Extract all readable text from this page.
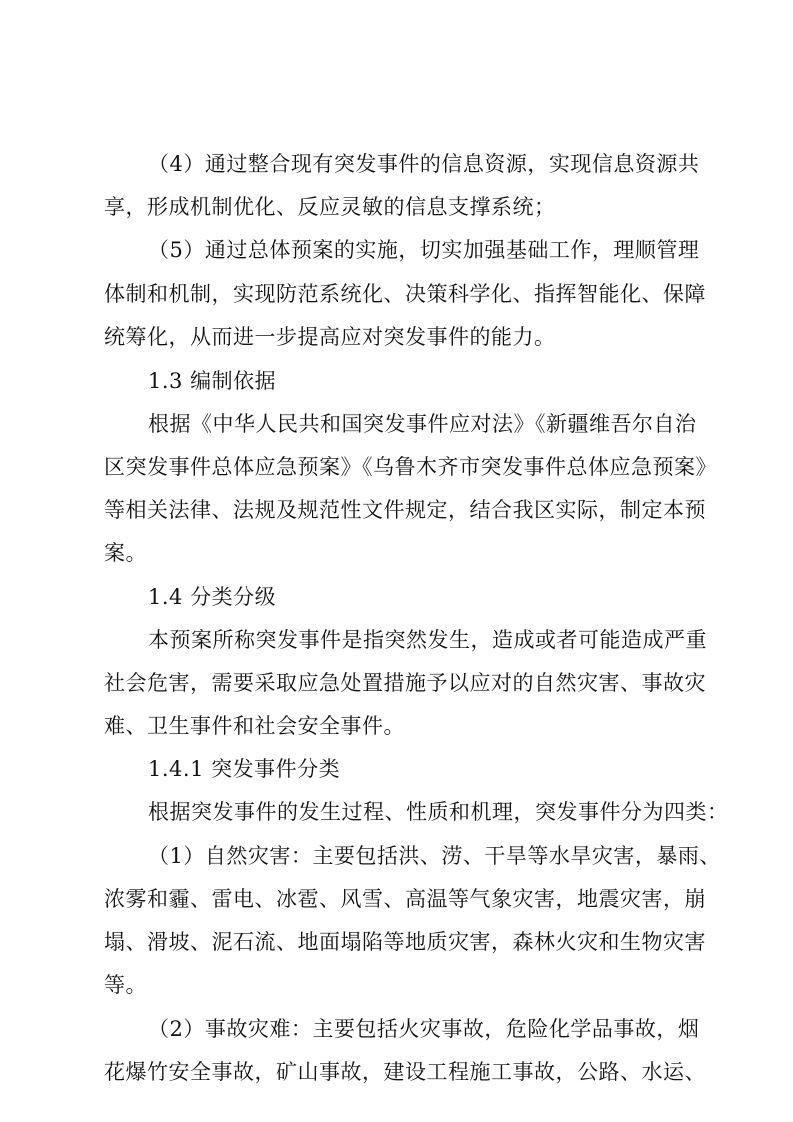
（4）通过整合现有突发事件的信息资源，实现信息资源共
享，形成机制优化、反应灵敏的信息支撑系统；
（5）通过总体预案的实施，切实加强基础工作，理顺管理
体制和机制，实现防范系统化、决策科学化、指挥智能化、保障
统筹化，从而进一步提高应对突发事件的能力。
1.3 编制依据
根据《中华人民共和国突发事件应对法》《新疆维吾尔自治
区突发事件总体应急预案》《乌鲁木齐市突发事件总体应急预案》
等相关法律、法规及规范性文件规定，结合我区实际，制定本预
案。
1.4 分类分级
本预案所称突发事件是指突然发生，造成或者可能造成严重
社会危害，需要采取应急处置措施予以应对的自然灾害、事故灾
难、卫生事件和社会安全事件。
1.4.1 突发事件分类
根据突发事件的发生过程、性质和机理，突发事件分为四类：
（1）自然灾害：主要包括洪、涝、干旱等水旱灾害，暴雨、
浓雾和霾、雷电、冰雹、风雪、高温等气象灾害，地震灾害，崩
塌、滑坡、泥石流、地面塌陷等地质灾害，森林火灾和生物灾害
等。
（2）事故灾难：主要包括火灾事故，危险化学品事故，烟
花爆竹安全事故，矿山事故，建设工程施工事故，公路、水运、
